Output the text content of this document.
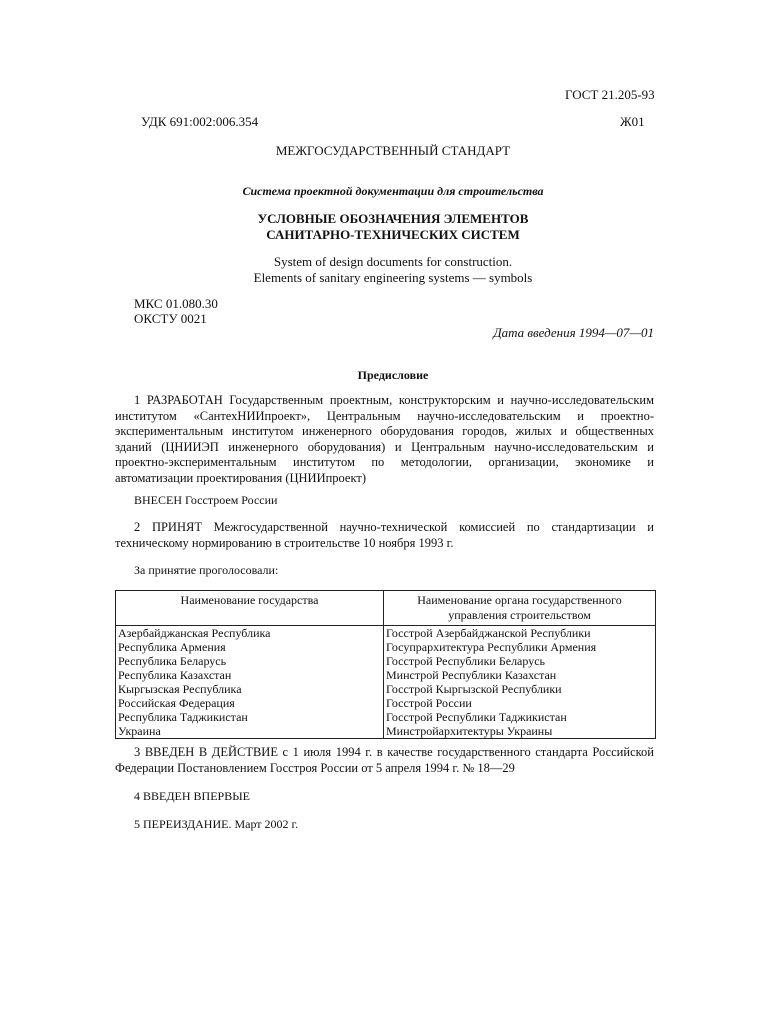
ГОСТ 21.205-93
УДК 691:002:006.354	Ж01
МЕЖГОСУДАРСТВЕННЫЙ СТАНДАРТ
Система проектной документации для строительства
УСЛОВНЫЕ ОБОЗНАЧЕНИЯ ЭЛЕМЕНТОВ
САНИТАРНО-ТЕХНИЧЕСКИХ СИСТЕМ
System of design documents for construction.
Elements of sanitary engineering systems — symbols
МКС 01.080.30
ОКСТУ 0021
Дата введения 1994—07—01
Предисловие
1 РАЗРАБОТАН Государственным проектным, конструкторским и научно-исследовательским институтом «СантехНИИпроект», Центральным научно-исследовательским и проектно-экспериментальным институтом инженерного оборудования городов, жилых и общественных зданий (ЦНИИЭП инженерного оборудования) и Центральным научно-исследовательским и проектно-экспериментальным институтом по методологии, организации, экономике и автоматизации проектирования (ЦНИИпроект)
ВНЕСЕН Госстроем России
2 ПРИНЯТ Межгосударственной научно-технической комиссией по стандартизации и техническому нормированию в строительстве 10 ноября 1993 г.
За принятие проголосовали:
Наименование государства	Наименование органа государственного управления строительством
Азербайджанская Республика	Госстрой Азербайджанской Республики
Республика Армения	Госупрархитектура Республики Армения
Республика Беларусь	Госстрой Республики Беларусь
Республика Казахстан	Минстрой Республики Казахстан
Кыргызская Республика	Госстрой Кыргызской Республики
Российская Федерация	Госстрой России
Республика Таджикистан	Госстрой Республики Таджикистан
Украина	Минстройархитектуры Украины
3 ВВЕДЕН В ДЕЙСТВИЕ с 1 июля 1994 г. в качестве государственного стандарта Российской Федерации Постановлением Госстроя России от 5 апреля 1994 г. № 18—29
4 ВВЕДЕН ВПЕРВЫЕ
5 ПЕРЕИЗДАНИЕ. Март 2002 г.
